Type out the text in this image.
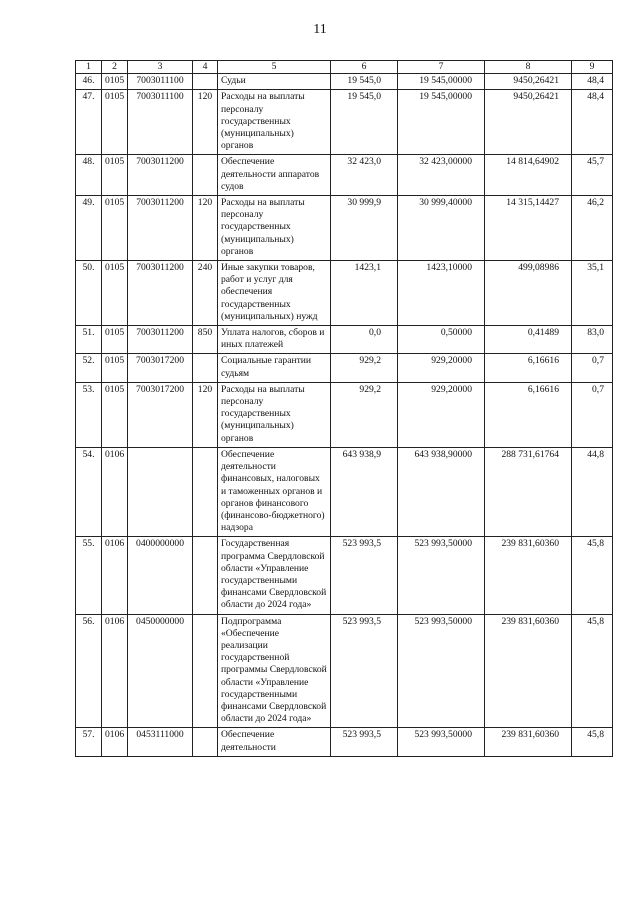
11
1	2	3	4	5	6	7	8	9
46.	0105	7003011100		Судьи	19 545,0	19 545,00000	9450,26421	48,4
47.	0105	7003011100	120	Расходы на выплаты персоналу государственных (муниципальных) органов	19 545,0	19 545,00000	9450,26421	48,4
48.	0105	7003011200		Обеспечение деятельности аппаратов судов	32 423,0	32 423,00000	14 814,64902	45,7
49.	0105	7003011200	120	Расходы на выплаты персоналу государственных (муниципальных) органов	30 999,9	30 999,40000	14 315,14427	46,2
50.	0105	7003011200	240	Иные закупки товаров, работ и услуг для обеспечения государственных (муниципальных) нужд	1423,1	1423,10000	499,08986	35,1
51.	0105	7003011200	850	Уплата налогов, сборов и иных платежей	0,0	0,50000	0,41489	83,0
52.	0105	7003017200		Социальные гарантии судьям	929,2	929,20000	6,16616	0,7
53.	0105	7003017200	120	Расходы на выплаты персоналу государственных (муниципальных) органов	929,2	929,20000	6,16616	0,7
54.	0106			Обеспечение деятельности финансовых, налоговых и таможенных органов и органов финансового (финансово-бюджетного) надзора	643 938,9	643 938,90000	288 731,61764	44,8
55.	0106	0400000000		Государственная программа Свердловской области «Управление государственными финансами Свердловской области до 2024 года»	523 993,5	523 993,50000	239 831,60360	45,8
56.	0106	0450000000		Подпрограмма «Обеспечение реализации государственной программы Свердловской области «Управление государственными финансами Свердловской области до 2024 года»	523 993,5	523 993,50000	239 831,60360	45,8
57.	0106	0453111000		Обеспечение деятельности	523 993,5	523 993,50000	239 831,60360	45,8
